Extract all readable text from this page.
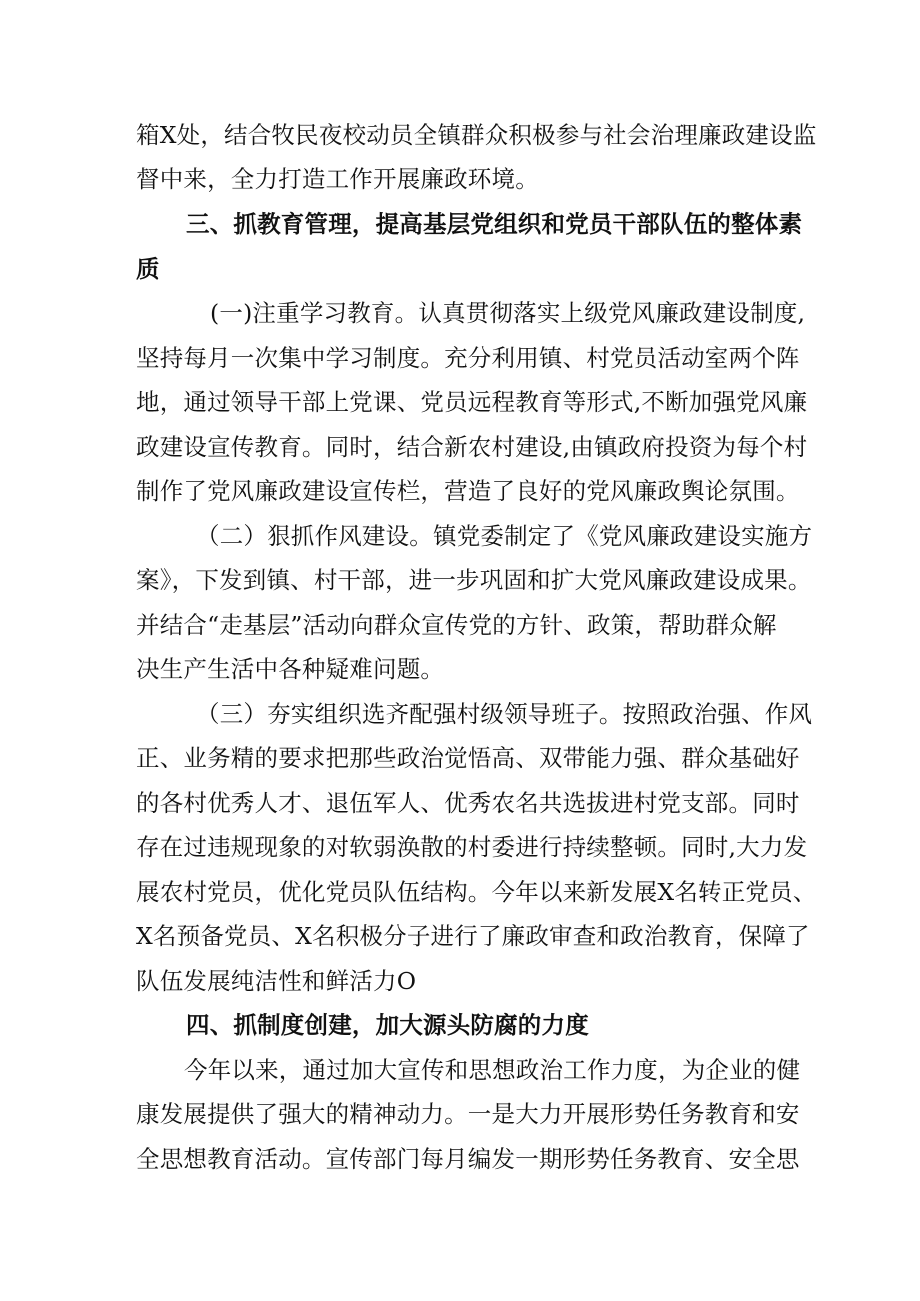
箱X处，结合牧民夜校动员全镇群众积极参与社会治理廉政建设监
督中来，全力打造工作开展廉政环境。
三、抓教育管理，提高基层党组织和党员干部队伍的整体素
质
(一)注重学习教育。认真贯彻落实上级党风廉政建设制度,
坚持每月一次集中学习制度。充分利用镇、村党员活动室两个阵
地，通过领导干部上党课、党员远程教育等形式,不断加强党风廉
政建设宣传教育。同时，结合新农村建设,由镇政府投资为每个村
制作了党风廉政建设宣传栏，营造了良好的党风廉政舆论氛围。
（二）狠抓作风建设。镇党委制定了《党风廉政建设实施方
案》，下发到镇、村干部，进一步巩固和扩大党风廉政建设成果。
并结合“走基层”活动向群众宣传党的方针、政策，帮助群众解
决生产生活中各种疑难问题。
（三）夯实组织选齐配强村级领导班子。按照政治强、作风
正、业务精的要求把那些政治觉悟高、双带能力强、群众基础好
的各村优秀人才、退伍军人、优秀农名共选拔进村党支部。同时
存在过违规现象的对软弱涣散的村委进行持续整顿。同时,大力发
展农村党员，优化党员队伍结构。今年以来新发展X名转正党员、
X名预备党员、X名积极分子进行了廉政审查和政治教育，保障了
队伍发展纯洁性和鲜活力O
四、抓制度创建，加大源头防腐的力度
今年以来，通过加大宣传和思想政治工作力度，为企业的健
康发展提供了强大的精神动力。一是大力开展形势任务教育和安
全思想教育活动。宣传部门每月编发一期形势任务教育、安全思
